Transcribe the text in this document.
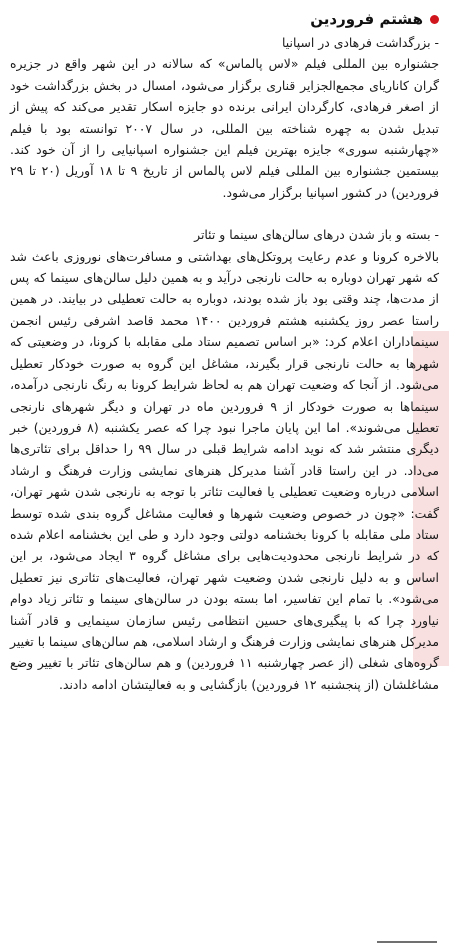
هشتم فروردین

- بزرگداشت فرهادی در اسپانیا

جشنواره بین المللی فیلم «لاس پالماس» که سالانه در این شهر واقع در جزیره گران کاناریای مجمع‌الجزایر قناری برگزار می‌شود، امسال در بخش بزرگداشت خود از اصغر فرهادی، کارگردان ایرانی برنده دو جایزه اسکار تقدیر می‌کند که پیش از تبدیل شدن به چهره شناخته بین المللی، در سال ۲۰۰۷ توانسته بود با فیلم «چهارشنبه سوری» جایزه بهترین فیلم این جشنواره اسپانیایی را از آن خود کند. بیستمین جشنواره بین المللی فیلم لاس پالماس از تاریخ ۹ تا ۱۸ آوریل (۲۰ تا ۲۹ فروردین) در کشور اسپانیا برگزار می‌شود.

- بسته و باز شدن درهای سالن‌های سینما و تئاتر

بالاخره کرونا و عدم رعایت پروتکل‌های بهداشتی و مسافرت‌های نوروزی باعث شد که شهر تهران دوباره به حالت نارنجی درآید و به همین دلیل سالن‌های سینما که پس از مدت‌ها، چند وقتی بود باز شده بودند، دوباره به حالت تعطیلی در بیایند. در همین راستا عصر روز یکشنبه هشتم فروردین ۱۴۰۰ محمد قاصد اشرفی رئیس انجمن سینماداران اعلام کرد: «بر اساس تصمیم ستاد ملی مقابله با کرونا، در وضعیتی که شهرها به حالت نارنجی قرار بگیرند، مشاغل این گروه به صورت خودکار تعطیل می‌شود. از آنجا که وضعیت تهران هم به لحاظ شرایط کرونا به رنگ نارنجی درآمده، سینماها به صورت خودکار از ۹ فروردین ماه در تهران و دیگر شهرهای نارنجی تعطیل می‌شوند». اما این پایان ماجرا نبود چرا که عصر یکشنبه (۸ فروردین) خبر دیگری منتشر شد که نوید ادامه شرایط قبلی در سال ۹۹ را حداقل برای تئاتری‌ها می‌داد. در این راستا قادر آشنا مدیرکل هنرهای نمایشی وزارت فرهنگ و ارشاد اسلامی درباره وضعیت تعطیلی یا فعالیت تئاتر با توجه به نارنجی شدن شهر تهران، گفت: «چون در خصوص وضعیت شهرها و فعالیت مشاغل گروه بندی شده توسط ستاد ملی مقابله با کرونا بخشنامه دولتی وجود دارد و طی این بخشنامه اعلام شده که در شرایط نارنجی محدودیت‌هایی برای مشاغل گروه ۳ ایجاد می‌شود، بر این اساس و به دلیل نارنجی شدن وضعیت شهر تهران، فعالیت‌های تئاتری نیز تعطیل می‌شود». با تمام این تفاسیر، اما بسته بودن در سالن‌های سینما و تئاتر زیاد دوام نیاورد چرا که با پیگیری‌های حسین انتظامی رئیس سازمان سینمایی و قادر آشنا مدیرکل هنرهای نمایشی وزارت فرهنگ و ارشاد اسلامی، هم سالن‌های سینما با تغییر گروه‌های شغلی (از عصر چهارشنبه ۱۱ فروردین) و هم سالن‌های تئاتر با تغییر وضع مشاغلشان (از پنجشنبه ۱۲ فروردین) بازگشایی و به فعالیتشان ادامه دادند.
